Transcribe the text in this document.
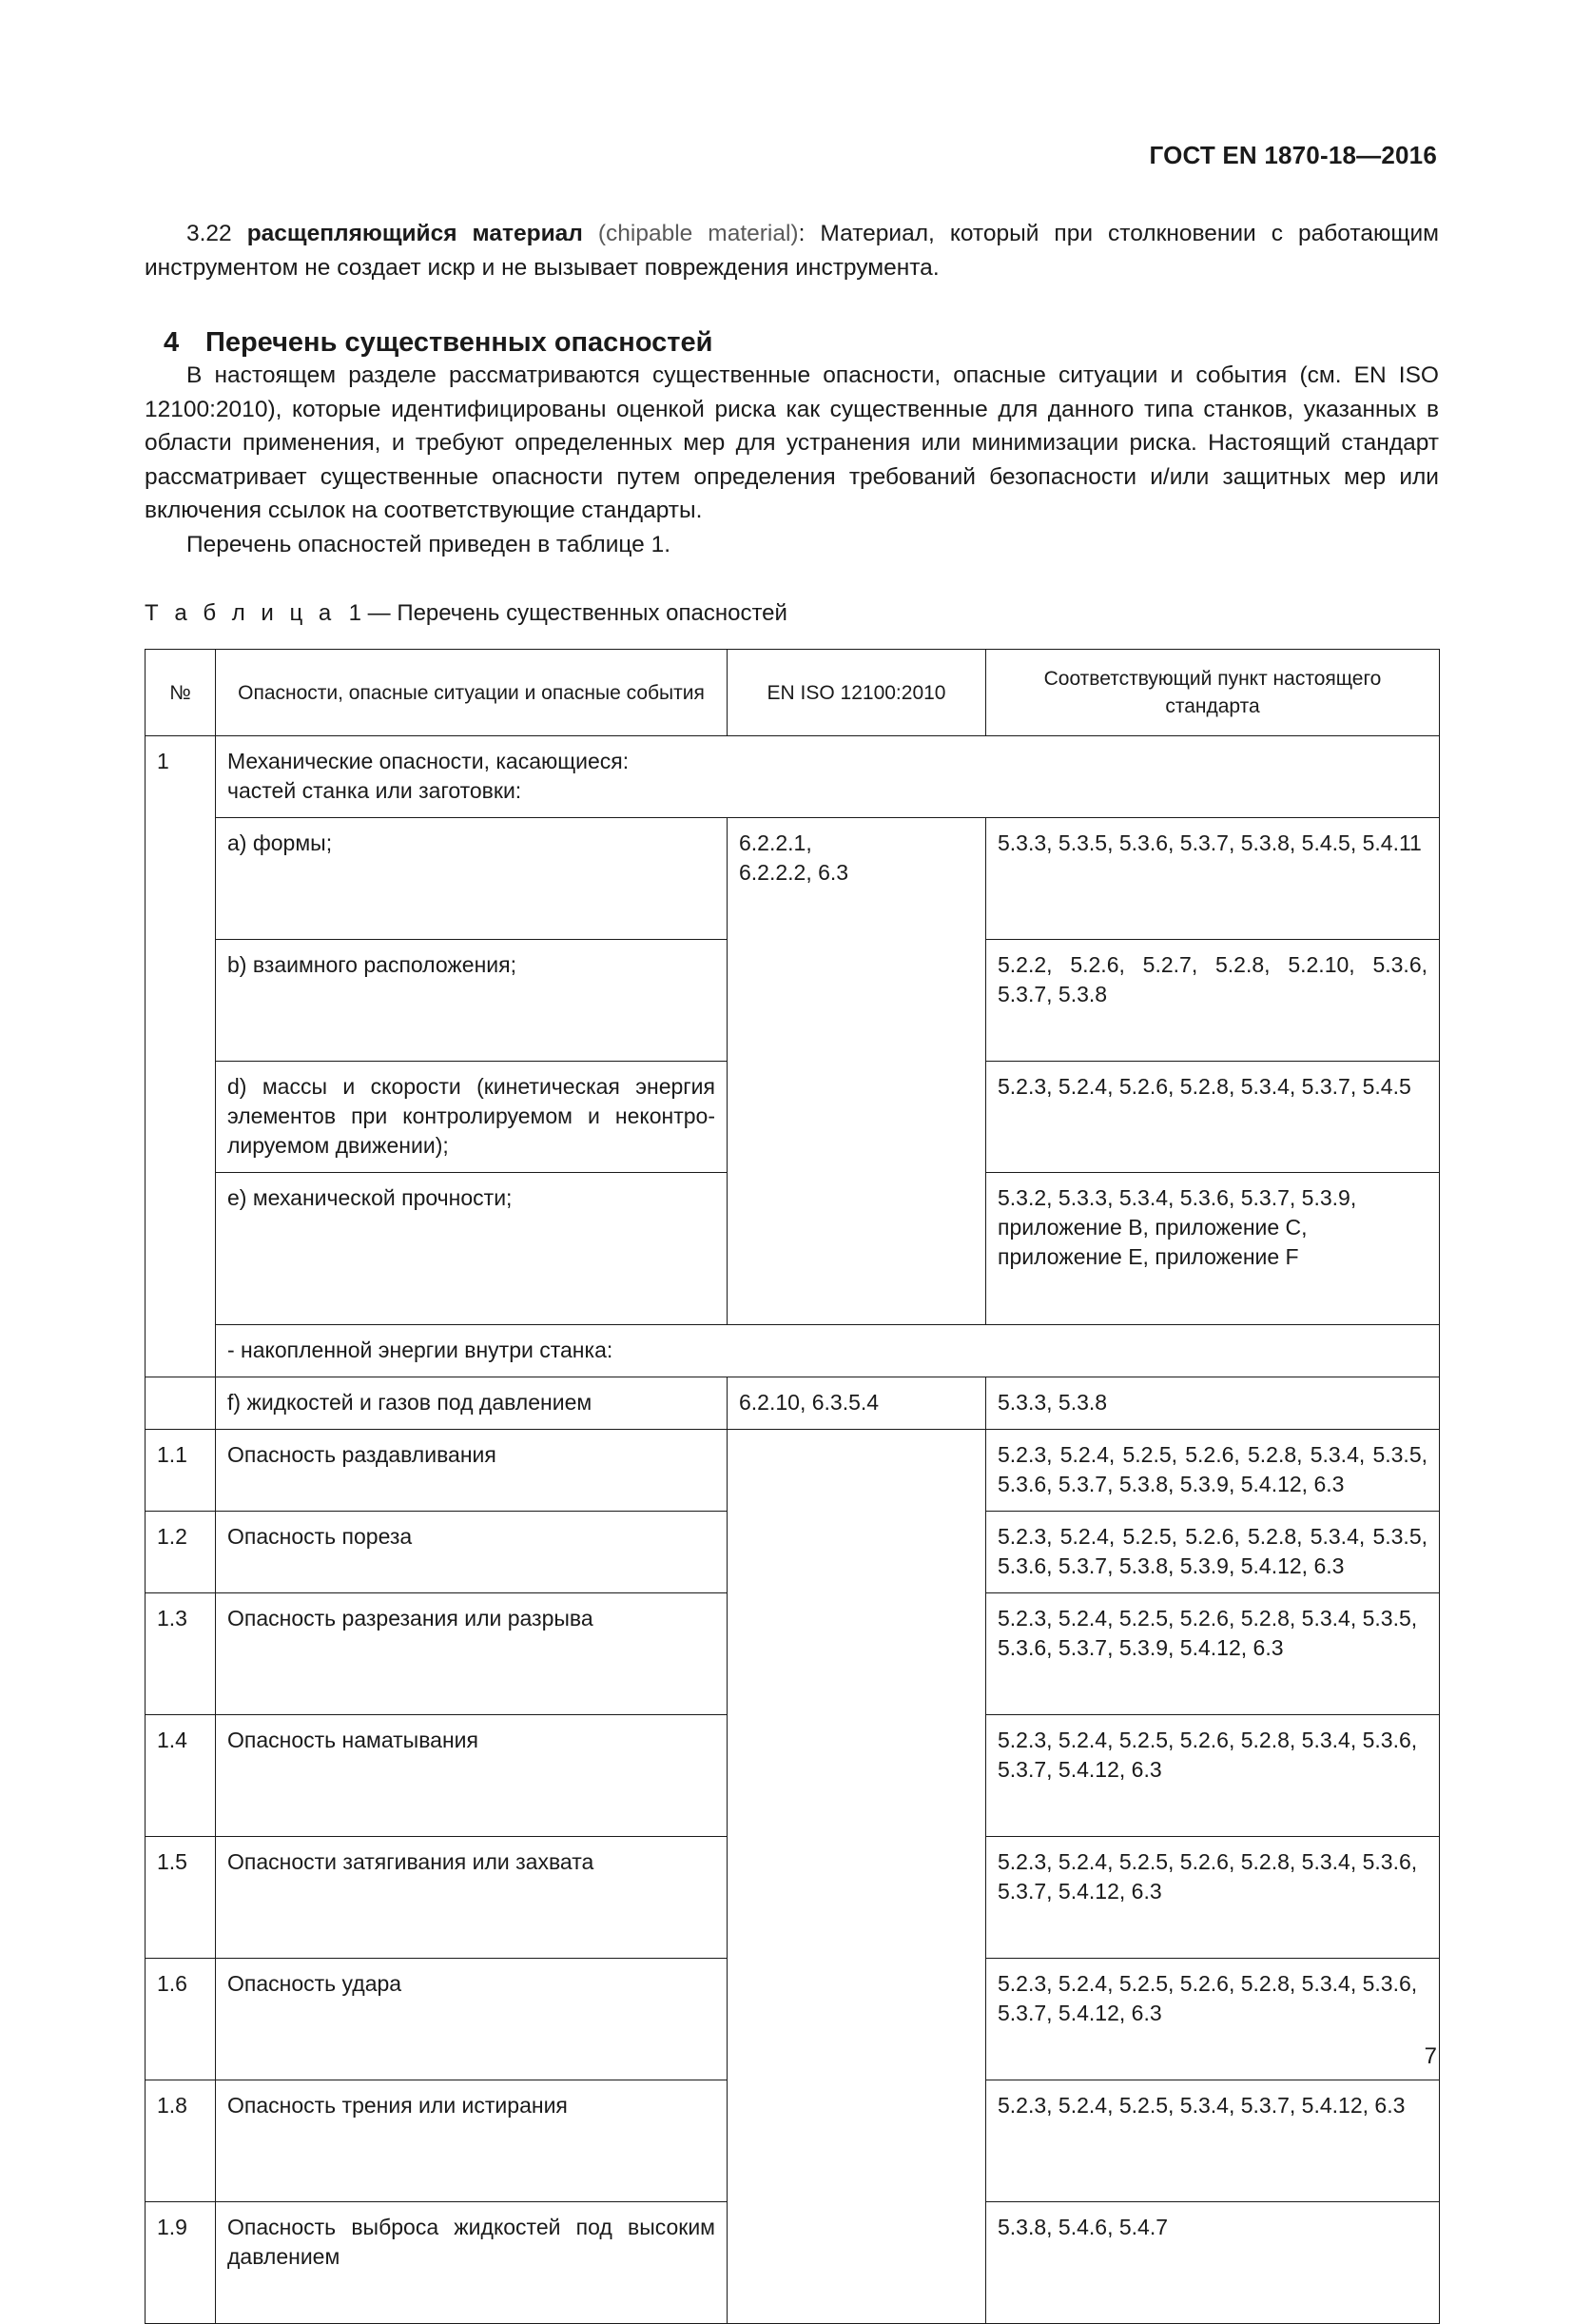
ГОСТ EN 1870-18—2016

3.22 расщепляющийся материал (chipable material): Материал, который при столкновении с работающим инструментом не создает искр и не вызывает повреждения инструмента.

4 Перечень существенных опасностей

В настоящем разделе рассматриваются существенные опасности, опасные ситуации и события (см. EN ISO 12100:2010), которые идентифицированы оценкой риска как существенные для данного типа станков, указанных в области применения, и требуют определенных мер для устранения или минимизации риска. Настоящий стандарт рассматривает существенные опасности путем определения требований безопасности и/или защитных мер или включения ссылок на соответствующие стандарты.

Перечень опасностей приведен в таблице 1.

Т а б л и ц а 1 — Перечень существенных опасностей
№	Опасности, опасные ситуации и опасные события	EN ISO 12100:2010	Соответствующий пункт настоящего стандарта
1	Механические опасности, касающиеся:
частей станка или заготовки:		
	a) формы;	6.2.2.1,
6.2.2.2, 6.3	5.3.3, 5.3.5, 5.3.6, 5.3.7, 5.3.8, 5.4.5, 5.4.11
	b) взаимного расположения;		5.2.2, 5.2.6, 5.2.7, 5.2.8, 5.2.10, 5.3.6, 5.3.7, 5.3.8
	d) массы и скорости (кинетическая энергия элементов при контролируемом и неконтролируемом движении);		5.2.3, 5.2.4, 5.2.6, 5.2.8, 5.3.4, 5.3.7, 5.4.5
	e) механической прочности;		5.3.2, 5.3.3, 5.3.4, 5.3.6, 5.3.7, 5.3.9, приложение B, приложение C, приложение E, приложение F
	- накопленной энергии внутри станка:		
	f) жидкостей и газов под давлением	6.2.10, 6.3.5.4	5.3.3, 5.3.8
1.1	Опасность раздавливания		5.2.3, 5.2.4, 5.2.5, 5.2.6, 5.2.8, 5.3.4, 5.3.5, 5.3.6, 5.3.7, 5.3.8, 5.3.9, 5.4.12, 6.3
1.2	Опасность пореза		5.2.3, 5.2.4, 5.2.5, 5.2.6, 5.2.8, 5.3.4, 5.3.5, 5.3.6, 5.3.7, 5.3.8, 5.3.9, 5.4.12, 6.3
1.3	Опасность разрезания или разрыва		5.2.3, 5.2.4, 5.2.5, 5.2.6, 5.2.8, 5.3.4, 5.3.5, 5.3.6, 5.3.7, 5.3.9, 5.4.12, 6.3
1.4	Опасность наматывания		5.2.3, 5.2.4, 5.2.5, 5.2.6, 5.2.8, 5.3.4, 5.3.6, 5.3.7, 5.4.12, 6.3
1.5	Опасности затягивания или захвата		5.2.3, 5.2.4, 5.2.5, 5.2.6, 5.2.8, 5.3.4, 5.3.6, 5.3.7, 5.4.12, 6.3
1.6	Опасность удара		5.2.3, 5.2.4, 5.2.5, 5.2.6, 5.2.8, 5.3.4, 5.3.6, 5.3.7, 5.4.12, 6.3
1.8	Опасность трения или истирания		5.2.3, 5.2.4, 5.2.5, 5.3.4, 5.3.7, 5.4.12, 6.3
1.9	Опасность выброса жидкостей под высоким давлением		5.3.8, 5.4.6, 5.4.7
7
